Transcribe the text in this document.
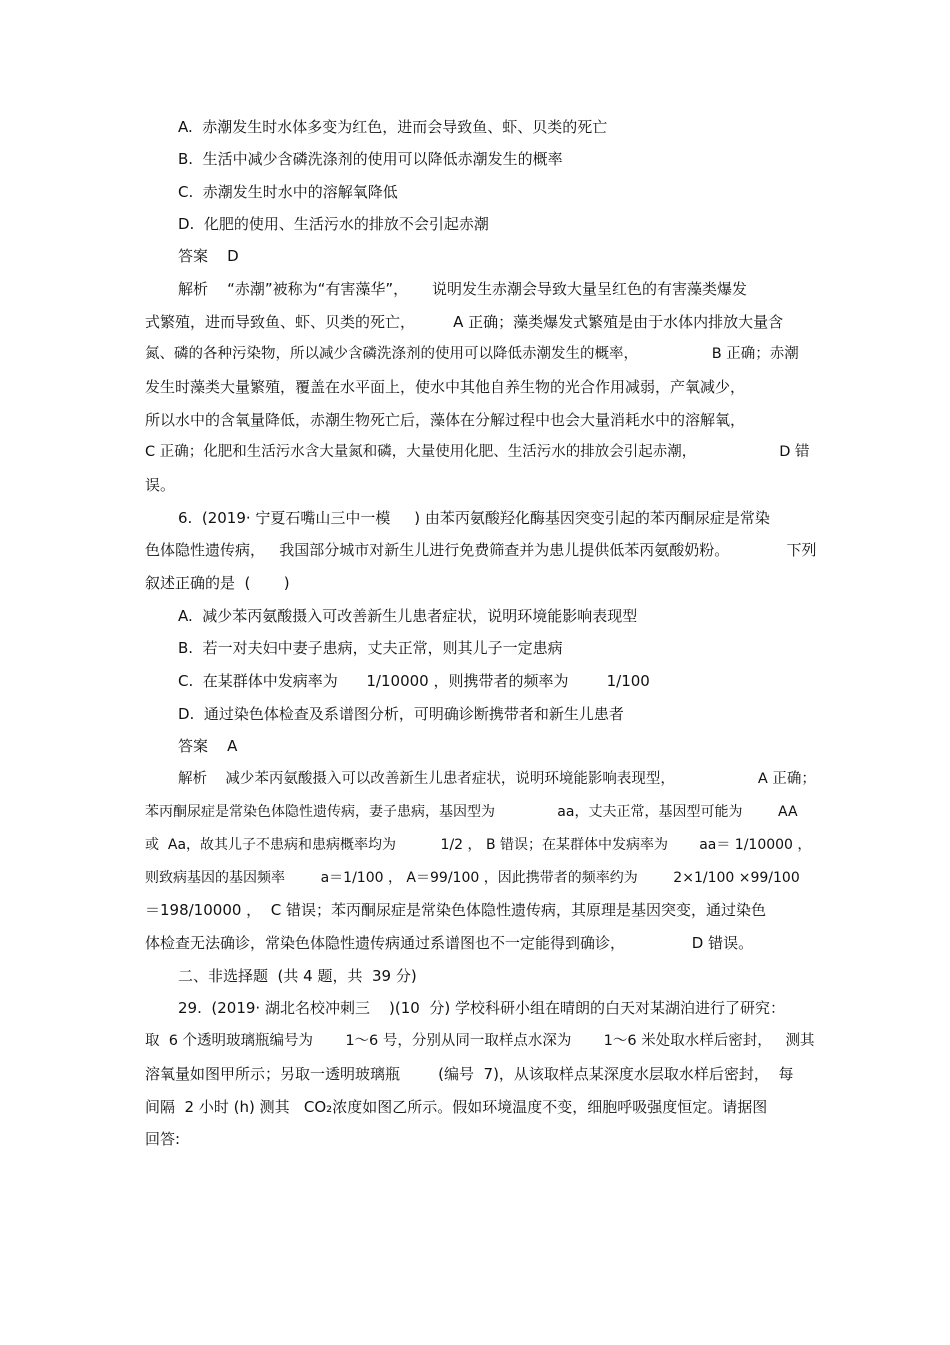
A.  赤潮发生时水体多变为红色，进而会导致鱼、虾、贝类的死亡
B.  生活中减少含磷洗涤剂的使用可以降低赤潮发生的概率
C.  赤潮发生时水中的溶解氧降低
D.  化肥的使用、生活污水的排放不会引起赤潮
答案    D
解析    “赤潮”被称为“有害藻华”，     说明发生赤潮会导致大量呈红色的有害藻类爆发
式繁殖，进而导致鱼、虾、贝类的死亡，        A 正确；藻类爆发式繁殖是由于水体内排放大量含
氮、磷的各种污染物，所以减少含磷洗涤剂的使用可以降低赤潮发生的概率，                B 正确；赤潮
发生时藻类大量繁殖，覆盖在水平面上，使水中其他自养生物的光合作用减弱，产氧减少，
所以水中的含氧量降低，赤潮生物死亡后，藻体在分解过程中也会大量消耗水中的溶解氧，
C 正确；化肥和生活污水含大量氮和磷，大量使用化肥、生活污水的排放会引起赤潮，                  D 错
误。
6.  (2019· 宁夏石嘴山三中一模     ) 由苯丙氨酸羟化酶基因突变引起的苯丙酮尿症是常染
色体隐性遗传病，   我国部分城市对新生儿进行免费筛查并为患儿提供低苯丙氨酸奶粉。            下列
叙述正确的是  (       )
A.  减少苯丙氨酸摄入可改善新生儿患者症状，说明环境能影响表现型
B.  若一对夫妇中妻子患病，丈夫正常，则其儿子一定患病
C.  在某群体中发病率为      1/10000 ，则携带者的频率为        1/100
D.  通过染色体检查及系谱图分析，可明确诊断携带者和新生儿患者
答案    A
解析    减少苯丙氨酸摄入可以改善新生儿患者症状，说明环境能影响表现型，                  A 正确；
苯丙酮尿症是常染色体隐性遗传病，妻子患病，基因型为              aa，丈夫正常，基因型可能为        AA
或  Aa，故其儿子不患病和患病概率均为          1/2 ， B 错误；在某群体中发病率为       aa＝ 1/10000 ，
则致病基因的基因频率        a＝1/100 ， A＝99/100 ，因此携带者的频率约为        2×1/100 ×99/100
＝198/10000 ，  C 错误；苯丙酮尿症是常染色体隐性遗传病，其原理是基因突变，通过染色
体检查无法确诊，常染色体隐性遗传病通过系谱图也不一定能得到确诊，              D 错误。
二、非选择题  (共 4 题，共  39 分)
29.  (2019· 湖北名校冲刺三    )(10  分) 学校科研小组在晴朗的白天对某湖泊进行了研究：
取  6 个透明玻璃瓶编号为       1～6 号，分别从同一取样点水深为       1～6 米处取水样后密封，   测其
溶氧量如图甲所示；另取一透明玻璃瓶        (编号  7)，从该取样点某深度水层取水样后密封，  每
间隔  2 小时 (h) 测其   CO₂浓度如图乙所示。假如环境温度不变，细胞呼吸强度恒定。请据图
回答:
